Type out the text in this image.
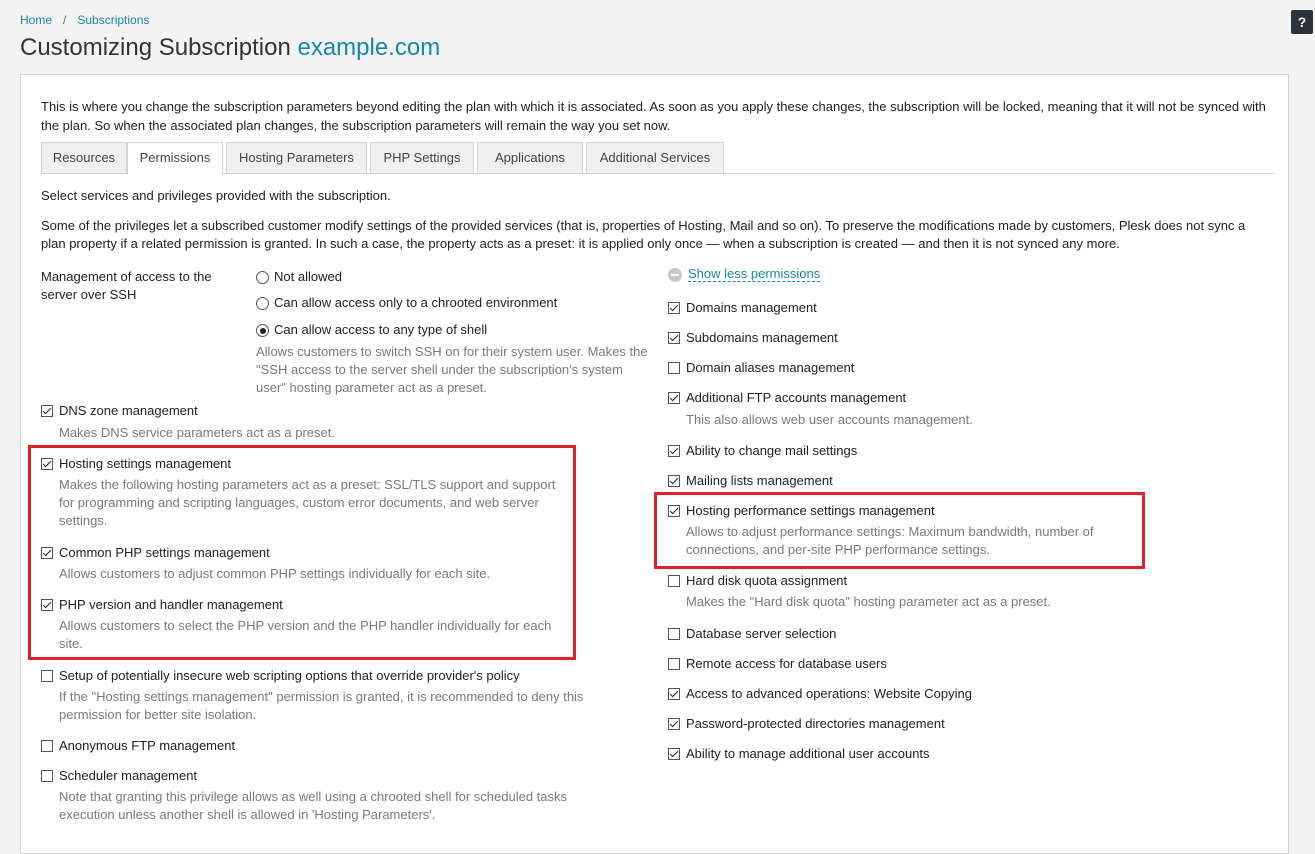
Home / Subscriptions
Customizing Subscription example.com
?
This is where you change the subscription parameters beyond editing the plan with which it is associated. As soon as you apply these changes, the subscription will be locked, meaning that it will not be synced with the plan. So when the associated plan changes, the subscription parameters will remain the way you set now.
Resources	Permissions	Hosting Parameters	PHP Settings	Applications	Additional Services
Select services and privileges provided with the subscription.
Some of the privileges let a subscribed customer modify settings of the provided services (that is, properties of Hosting, Mail and so on). To preserve the modifications made by customers, Plesk does not sync a plan property if a related permission is granted. In such a case, the property acts as a preset: it is applied only once — when a subscription is created — and then it is not synced any more.
Management of access to the server over SSH
Not allowed
Can allow access only to a chrooted environment
Can allow access to any type of shell
Allows customers to switch SSH on for their system user. Makes the "SSH access to the server shell under the subscription's system user" hosting parameter act as a preset.
DNS zone management
Makes DNS service parameters act as a preset.
Hosting settings management
Makes the following hosting parameters act as a preset: SSL/TLS support and support for programming and scripting languages, custom error documents, and web server settings.
Common PHP settings management
Allows customers to adjust common PHP settings individually for each site.
PHP version and handler management
Allows customers to select the PHP version and the PHP handler individually for each site.
Setup of potentially insecure web scripting options that override provider's policy
If the "Hosting settings management" permission is granted, it is recommended to deny this permission for better site isolation.
Anonymous FTP management
Scheduler management
Note that granting this privilege allows as well using a chrooted shell for scheduled tasks execution unless another shell is allowed in 'Hosting Parameters'.
Show less permissions
Domains management
Subdomains management
Domain aliases management
Additional FTP accounts management
This also allows web user accounts management.
Ability to change mail settings
Mailing lists management
Hosting performance settings management
Allows to adjust performance settings: Maximum bandwidth, number of connections, and per-site PHP performance settings.
Hard disk quota assignment
Makes the "Hard disk quota" hosting parameter act as a preset.
Database server selection
Remote access for database users
Access to advanced operations: Website Copying
Password-protected directories management
Ability to manage additional user accounts
